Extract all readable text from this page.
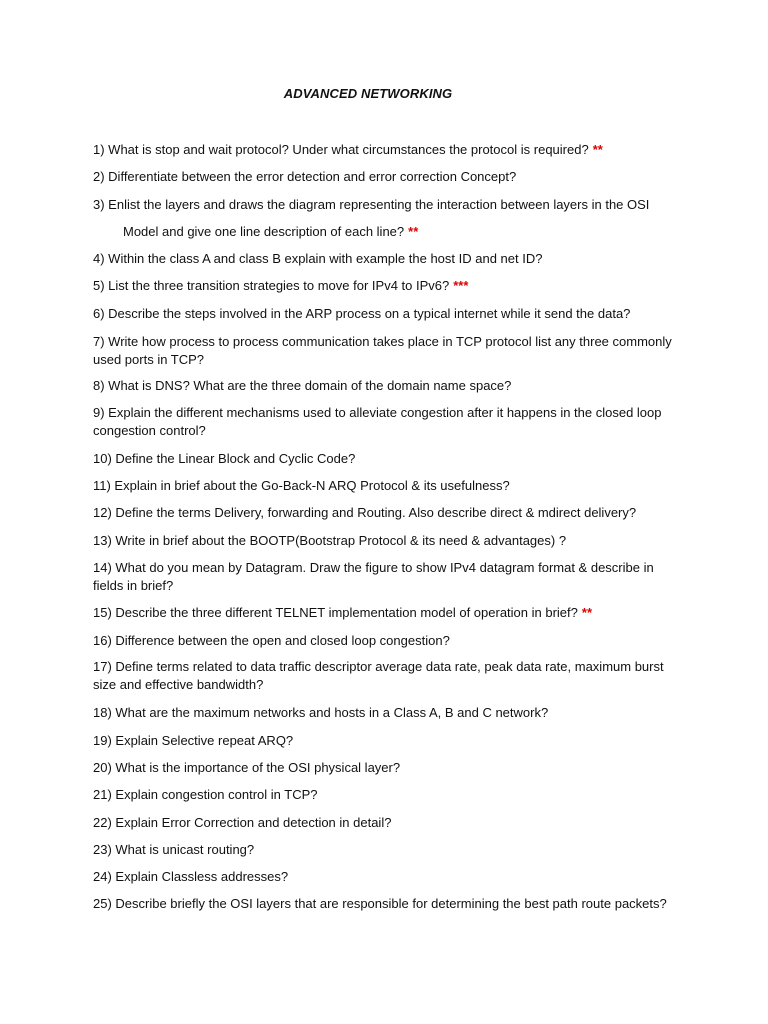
ADVANCED NETWORKING
1) What is stop and wait protocol? Under what circumstances the protocol is required? **
2) Differentiate between the error detection and error correction Concept?
3) Enlist the layers and draws the diagram representing the interaction between layers in the OSI
Model and give one line description of each line? **
4) Within the class A and class B explain with example the host ID and net ID?
5) List the three transition strategies to move for IPv4 to IPv6? ***
6) Describe the steps involved in the ARP process on a typical internet while it send the data?
7) Write how process to process communication takes place in TCP protocol list any three commonly used ports in TCP?
8) What is DNS? What are the three domain of the domain name space?
9) Explain the different mechanisms used to alleviate congestion after it happens in the closed loop congestion control?
10) Define the Linear Block and Cyclic Code?
11) Explain in brief about the Go-Back-N ARQ Protocol & its usefulness?
12) Define the terms Delivery, forwarding and Routing. Also describe direct & mdirect delivery?
13) Write in brief about the BOOTP(Bootstrap Protocol & its need & advantages) ?
14) What do you mean by Datagram. Draw the figure to show IPv4 datagram format & describe in fields in brief?
15) Describe the three different TELNET implementation model of operation in brief? **
16) Difference between the open and closed loop congestion?
17) Define terms related to data traffic descriptor average data rate, peak data rate, maximum burst size and effective bandwidth?
18) What are the maximum networks and hosts in a Class A, B and C network?
19) Explain Selective repeat ARQ?
20) What is the importance of the OSI physical layer?
21) Explain congestion control in TCP?
22) Explain Error Correction and detection in detail?
23) What is unicast routing?
24) Explain Classless addresses?
25) Describe briefly the OSI layers that are responsible for determining the best path route packets?
